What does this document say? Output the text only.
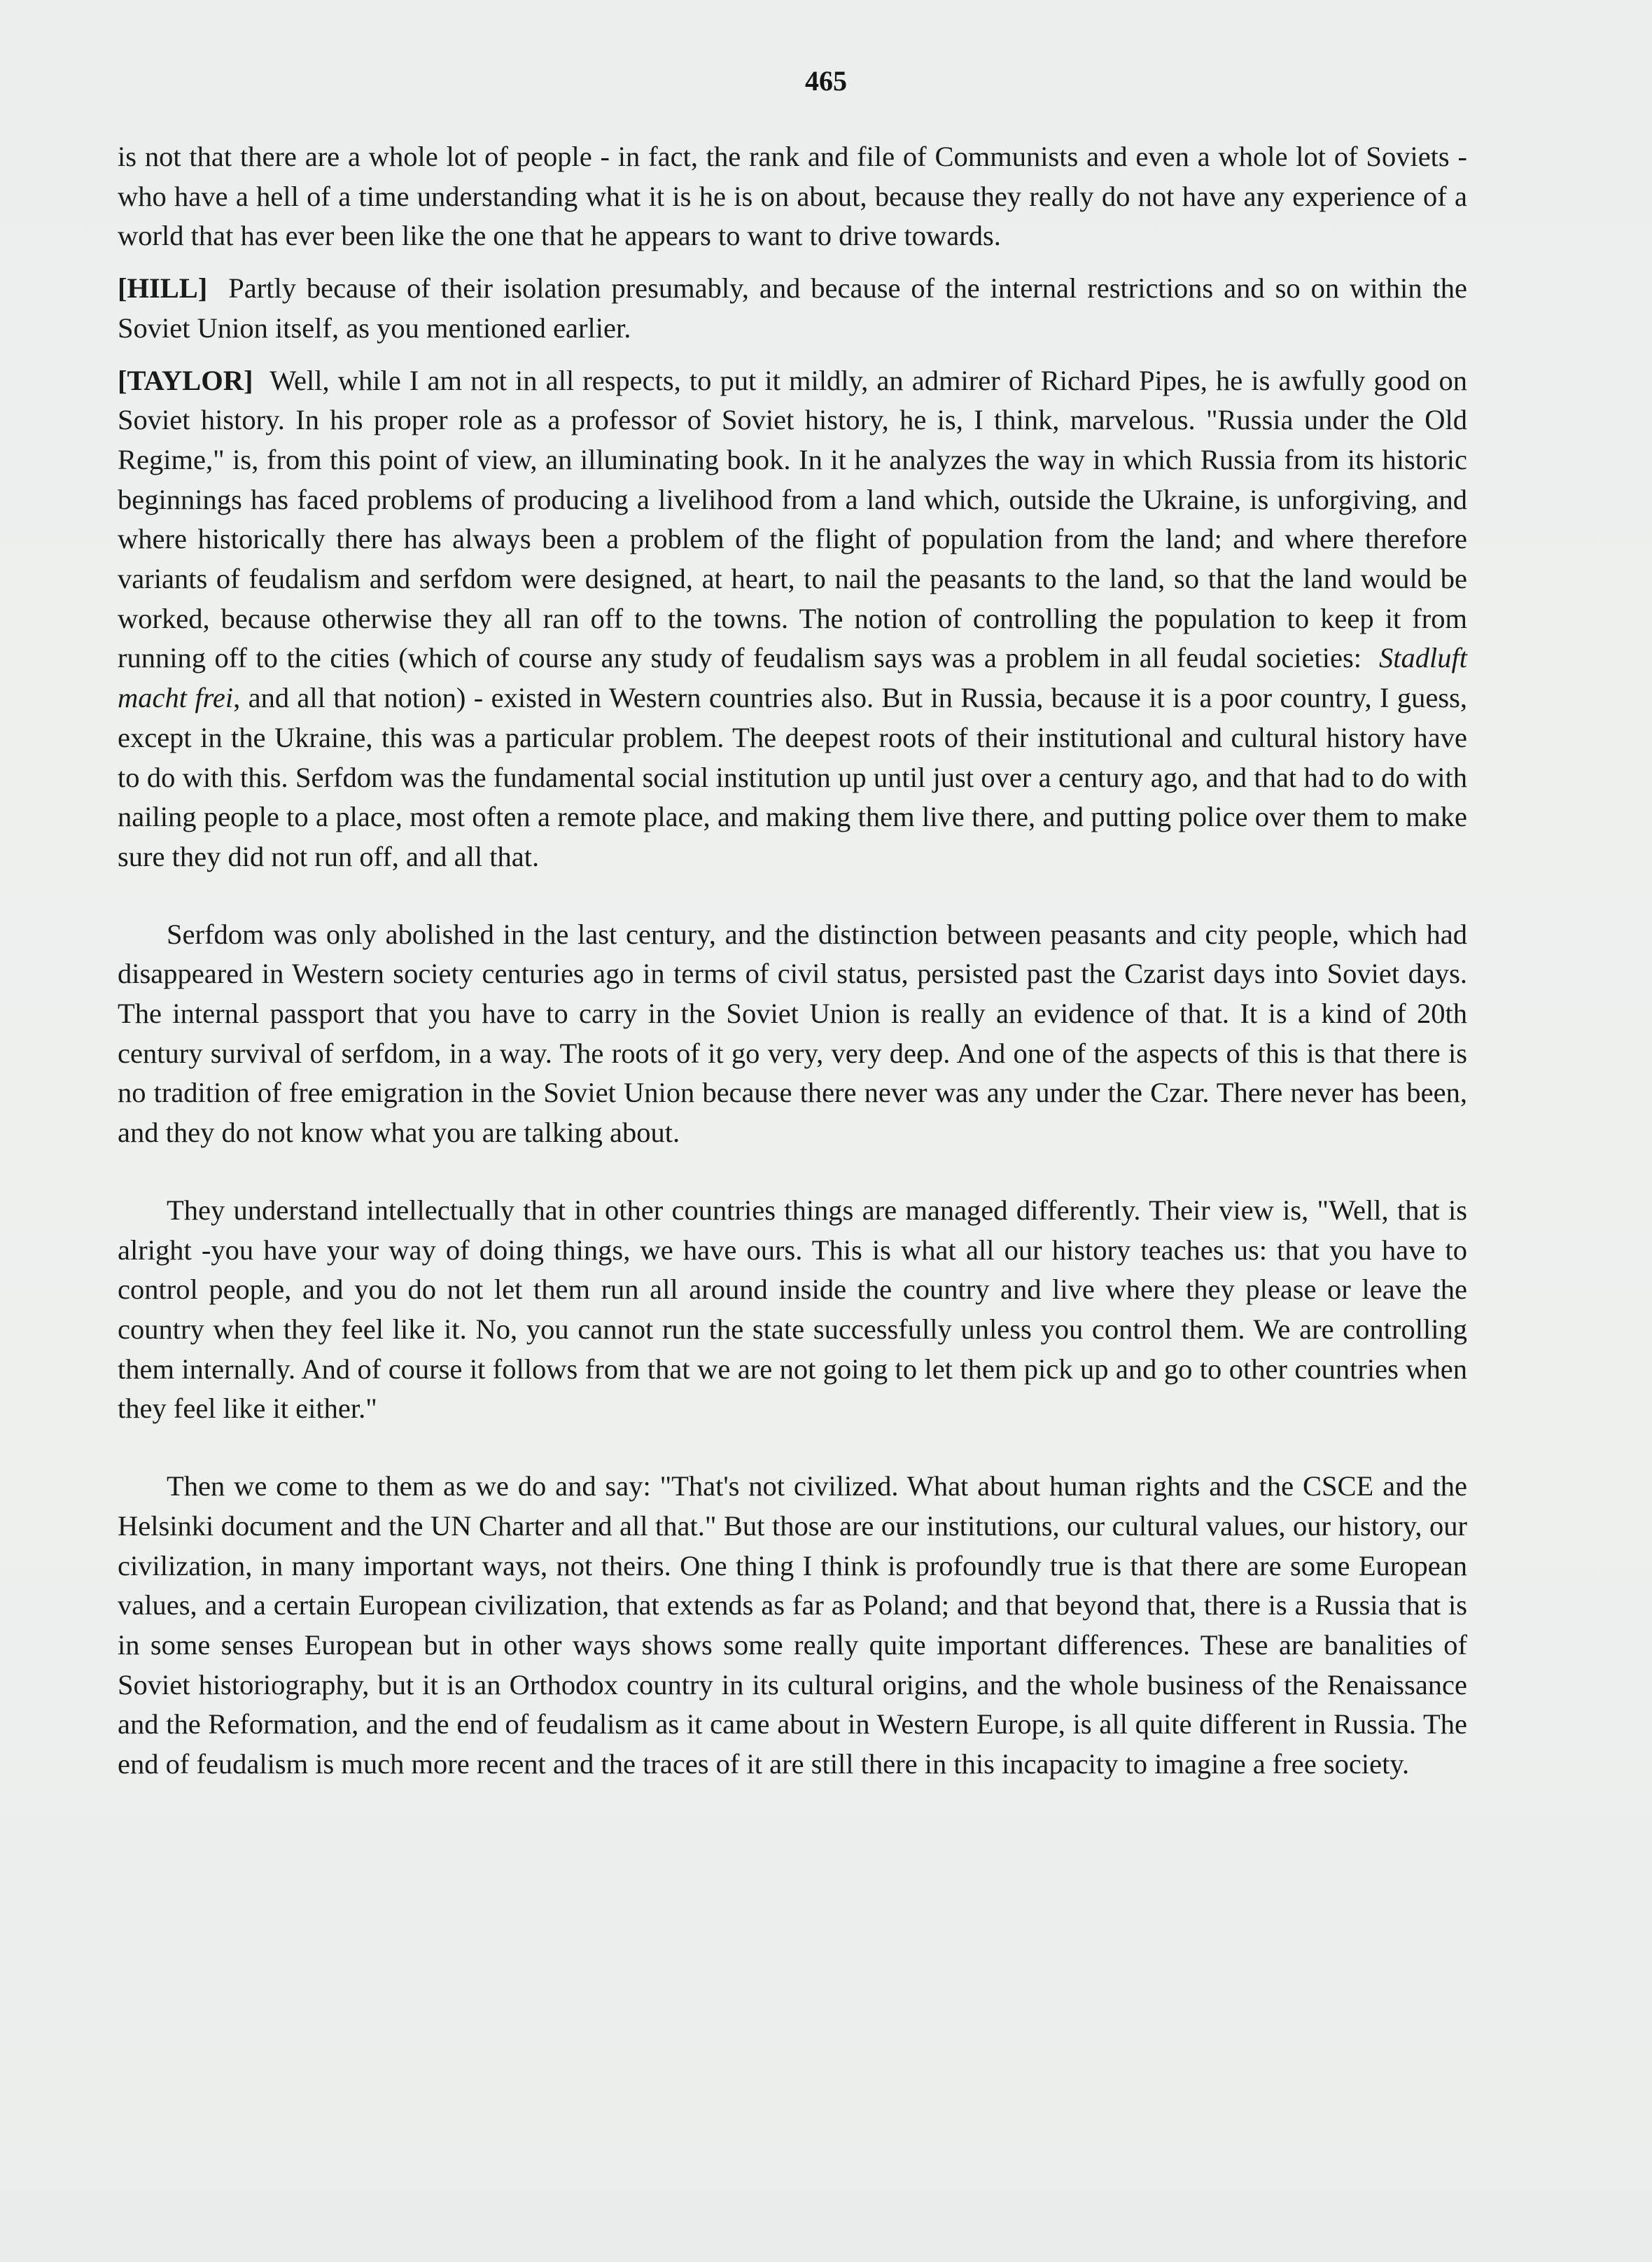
465

is not that there are a whole lot of people - in fact, the rank and file of Communists and even a whole lot of Soviets - who have a hell of a time understanding what it is he is on about, because they really do not have any experience of a world that has ever been like the one that he appears to want to drive towards.

[HILL] Partly because of their isolation presumably, and because of the internal restrictions and so on within the Soviet Union itself, as you mentioned earlier.

[TAYLOR] Well, while I am not in all respects, to put it mildly, an admirer of Richard Pipes, he is awfully good on Soviet history. In his proper role as a professor of Soviet history, he is, I think, marvelous. "Russia under the Old Regime," is, from this point of view, an illuminating book. In it he analyzes the way in which Russia from its historic beginnings has faced problems of producing a livelihood from a land which, outside the Ukraine, is unforgiving, and where historically there has always been a problem of the flight of population from the land; and where therefore variants of feudalism and serfdom were designed, at heart, to nail the peasants to the land, so that the land would be worked, because otherwise they all ran off to the towns. The notion of controlling the population to keep it from running off to the cities (which of course any study of feudalism says was a problem in all feudal societies: Stadluft macht frei, and all that notion) - existed in Western countries also. But in Russia, because it is a poor country, I guess, except in the Ukraine, this was a particular problem. The deepest roots of their institutional and cultural history have to do with this. Serfdom was the fundamental social institution up until just over a century ago, and that had to do with nailing people to a place, most often a remote place, and making them live there, and putting police over them to make sure they did not run off, and all that.

Serfdom was only abolished in the last century, and the distinction between peasants and city people, which had disappeared in Western society centuries ago in terms of civil status, persisted past the Czarist days into Soviet days. The internal passport that you have to carry in the Soviet Union is really an evidence of that. It is a kind of 20th century survival of serfdom, in a way. The roots of it go very, very deep. And one of the aspects of this is that there is no tradition of free emigration in the Soviet Union because there never was any under the Czar. There never has been, and they do not know what you are talking about.

They understand intellectually that in other countries things are managed differently. Their view is, "Well, that is alright -you have your way of doing things, we have ours. This is what all our history teaches us: that you have to control people, and you do not let them run all around inside the country and live where they please or leave the country when they feel like it. No, you cannot run the state successfully unless you control them. We are controlling them internally. And of course it follows from that we are not going to let them pick up and go to other countries when they feel like it either."

Then we come to them as we do and say: "That's not civilized. What about human rights and the CSCE and the Helsinki document and the UN Charter and all that." But those are our institutions, our cultural values, our history, our civilization, in many important ways, not theirs. One thing I think is profoundly true is that there are some European values, and a certain European civilization, that extends as far as Poland; and that beyond that, there is a Russia that is in some senses European but in other ways shows some really quite important differences. These are banalities of Soviet historiography, but it is an Orthodox country in its cultural origins, and the whole business of the Renaissance and the Reformation, and the end of feudalism as it came about in Western Europe, is all quite different in Russia. The end of feudalism is much more recent and the traces of it are still there in this incapacity to imagine a free society.
